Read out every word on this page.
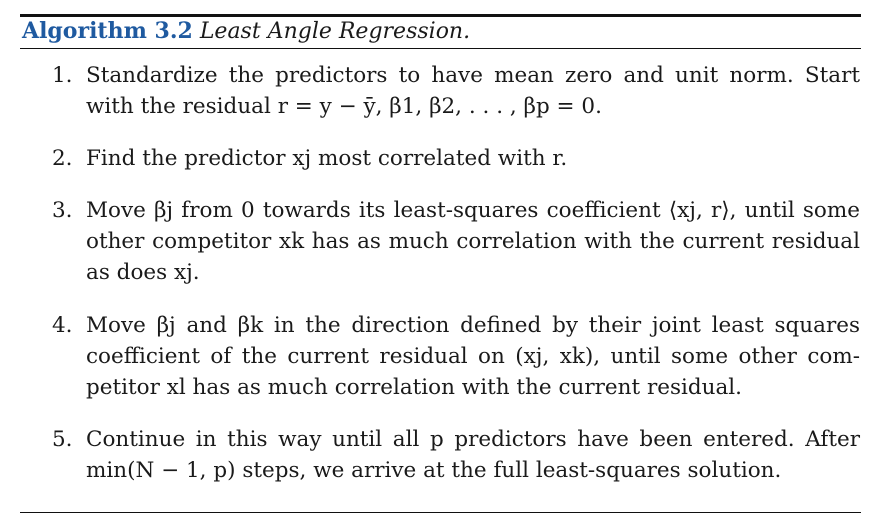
Algorithm 3.2 Least Angle Regression.
1. Standardize the predictors to have mean zero and unit norm. Start
with the residual r = y − ȳ, β1, β2, . . . , βp = 0.
2. Find the predictor xj most correlated with r.
3. Move βj from 0 towards its least-squares coefficient ⟨xj, r⟩, until some
other competitor xk has as much correlation with the current residual
as does xj.
4. Move βj and βk in the direction defined by their joint least squares
coefficient of the current residual on (xj, xk), until some other com-
petitor xl has as much correlation with the current residual.
5. Continue in this way until all p predictors have been entered. After
min(N − 1, p) steps, we arrive at the full least-squares solution.
